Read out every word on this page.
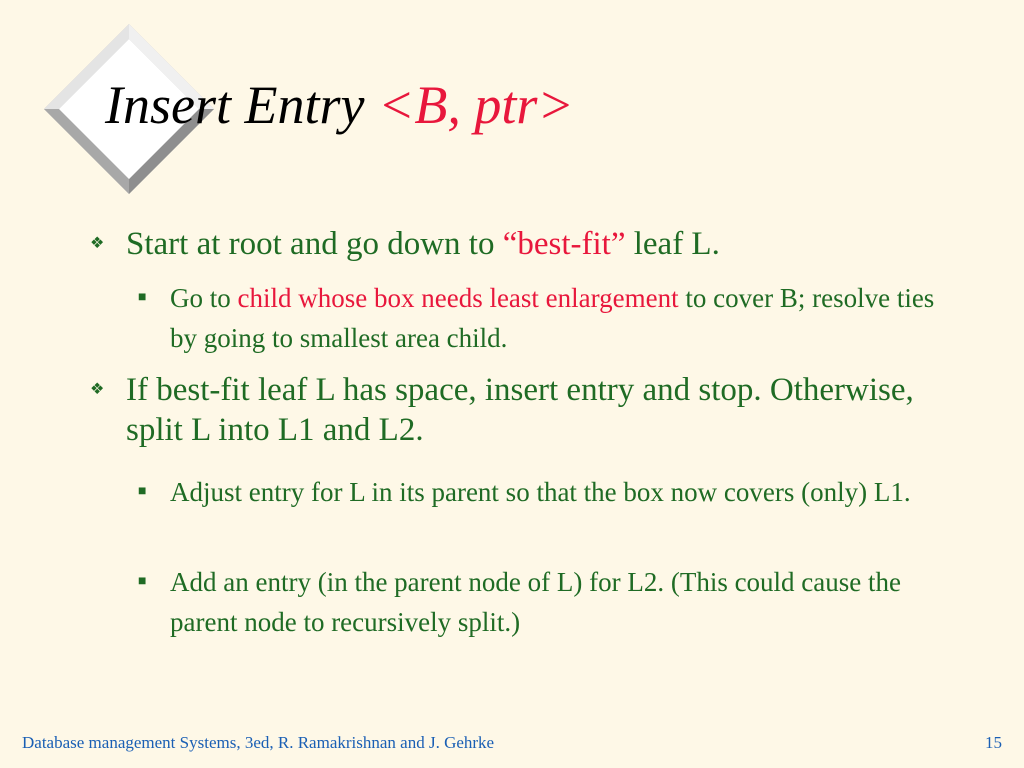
Insert Entry <B, ptr>
❖ Start at root and go down to “best-fit” leaf L.
■ Go to child whose box needs least enlargement to cover B; resolve ties by going to smallest area child.
❖ If best-fit leaf L has space, insert entry and stop. Otherwise, split L into L1 and L2.
■ Adjust entry for L in its parent so that the box now covers (only) L1.
■ Add an entry (in the parent node of L) for L2. (This could cause the parent node to recursively split.)
Database management Systems, 3ed, R. Ramakrishnan and J. Gehrke	15
